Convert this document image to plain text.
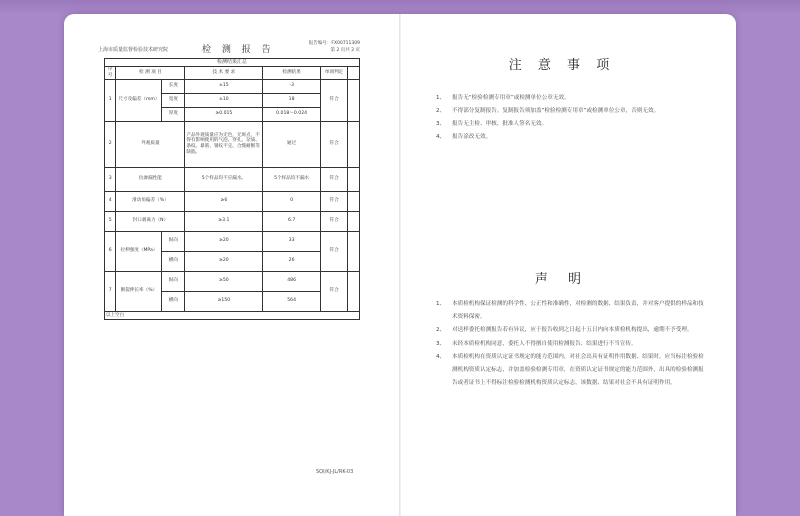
上海市质量监督检验技术研究院	检 测 报 告
报告编号：FX00711309
第 2 页共 2 页
检测结果汇总						
序号	检 测 项 目		技 术 要 求	检测结果	单项判定	
1	尺寸及偏差（mm）	长度	±15	-3	符合	
		宽度	±10	18		
		厚度	≥0.015	0.018～0.024		
2	外观质量		产品外观质量应为无色，无斑点，不得有影响使用的气泡、穿孔、杂质、条纹、暴筋、皱纹不完、合缝耐断等缺陷。	通过	符合	
3	抗渗漏性能		5个样品均不应漏水。	5个样品均不漏水	符合	
4	滑动角偏差（%）		≥6	0	符合	
5	封口剥离力（N）		≥3.1	6.7	符合	
6	拉伸强度（MPa）	纵向	≥20	33	符合	
		横向	≥20	26		
7	断裂伸长率（%）	纵向	≥50	486	符合	
		横向	≥150	564		
以上空白						
SQI/KJ-JL/RK-03
注 意 事 项
1、	报告无“检验检测专用章”或检测单位公章无效。
2、	不得部分复制报告。复制报告须加盖“检验检测专用章”或检测单位公章，否则无效。
3、	报告无主检、审核、批准人签名无效。
4、	报告涂改无效。
声 明
1、	本质检机构保证检测的科学性、公正性和准确性，对检测的数据、结果负责，并对客户提供的样品和技术资料保密。
2、	对送样委托检测报告若有异议，应于报告收到之日起十五日内向本质检机构提出，逾期不予受理。
3、	未经本质检机构同意，委托人不得擅自使用检测报告、结果进行不当宣传。
4、	本质检机构在资质认定证书规定的能力范围内，对社会出具有证明作用数据、结果时，应当标注检验检测机构资质认定标志，并加盖检验检测专用章，在资质认定证书规定的能力范围外，出具的检验检测报告或者证书上不得标注检验检测机构资质认定标志，该数据、结果对社会不具有证明作用。
